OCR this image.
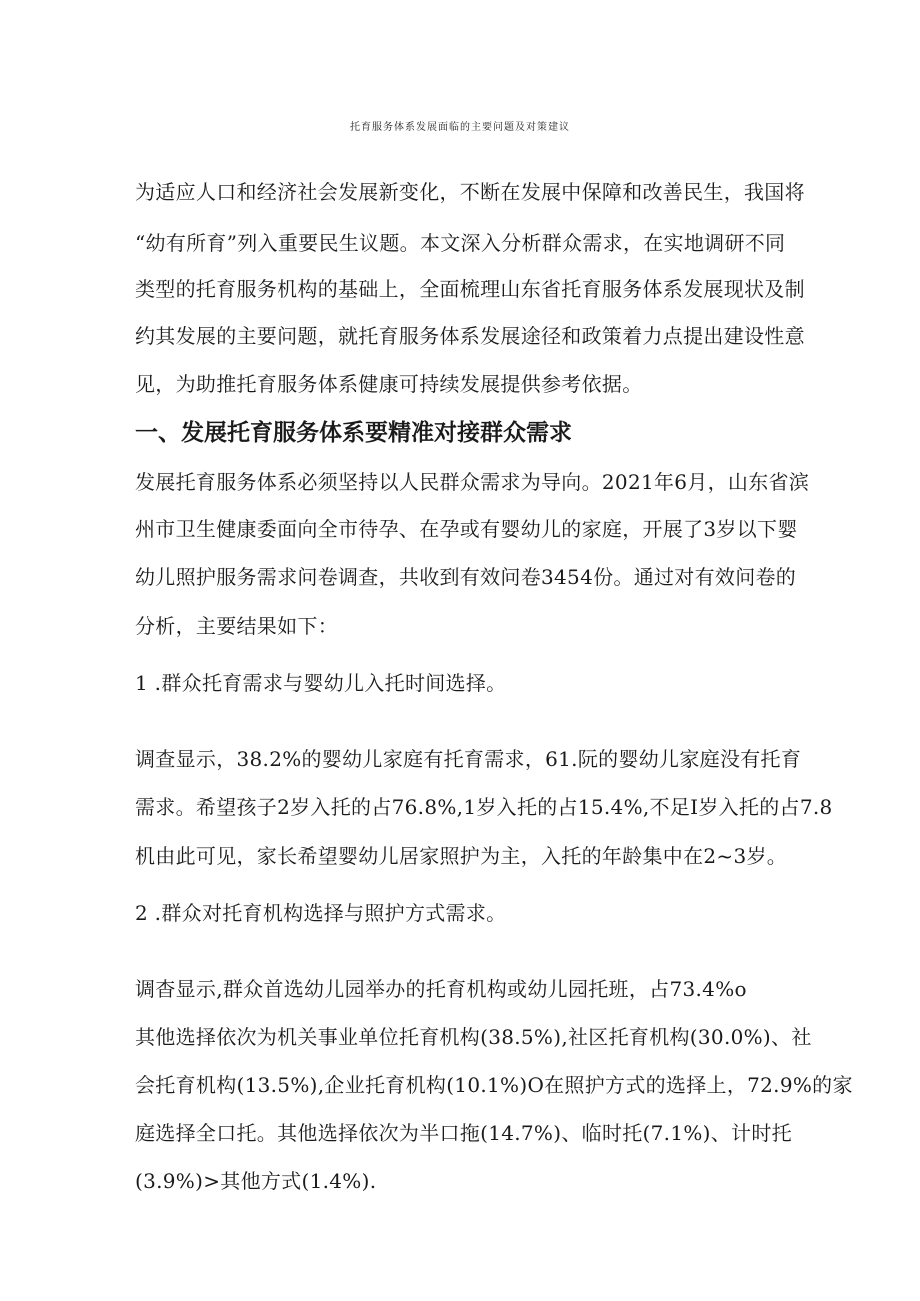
托育服务体系发展面临的主要问题及对策建议
为适应人口和经济社会发展新变化，不断在发展中保障和改善民生，我国将
“幼有所育”列入重要民生议题。本文深入分析群众需求，在实地调研不同
类型的托育服务机构的基础上，全面梳理山东省托育服务体系发展现状及制
约其发展的主要问题，就托育服务体系发展途径和政策着力点提出建设性意
见，为助推托育服务体系健康可持续发展提供参考依据。
一、发展托育服务体系要精准对接群众需求
发展托育服务体系必须坚持以人民群众需求为导向。2021年6月，山东省滨
州市卫生健康委面向全市待孕、在孕或有婴幼儿的家庭，开展了3岁以下婴
幼儿照护服务需求问卷调查，共收到有效问卷3454份。通过对有效问卷的
分析，主要结果如下：
1 .群众托育需求与婴幼儿入托时间选择。
调查显示，38.2%的婴幼儿家庭有托育需求，61.阮的婴幼儿家庭没有托育
需求。希望孩子2岁入托的占76.8%,1岁入托的占15.4%,不足I岁入托的占7.8
机由此可见，家长希望婴幼儿居家照护为主，入托的年龄集中在2~3岁。
2 .群众对托育机构选择与照护方式需求。
调杳显示,群众首选幼儿园举办的托育机构或幼儿园托班，占73.4%o
其他选择依次为机关事业单位托育机构(38.5%),社区托育机构(30.0%)、社
会托育机构(13.5%),企业托育机构(10.1%)O在照护方式的选择上，72.9%的家
庭选择全口托。其他选择依次为半口拖(14.7%)、临时托(7.1%)、计时托
(3.9%)>其他方式(1.4%).
